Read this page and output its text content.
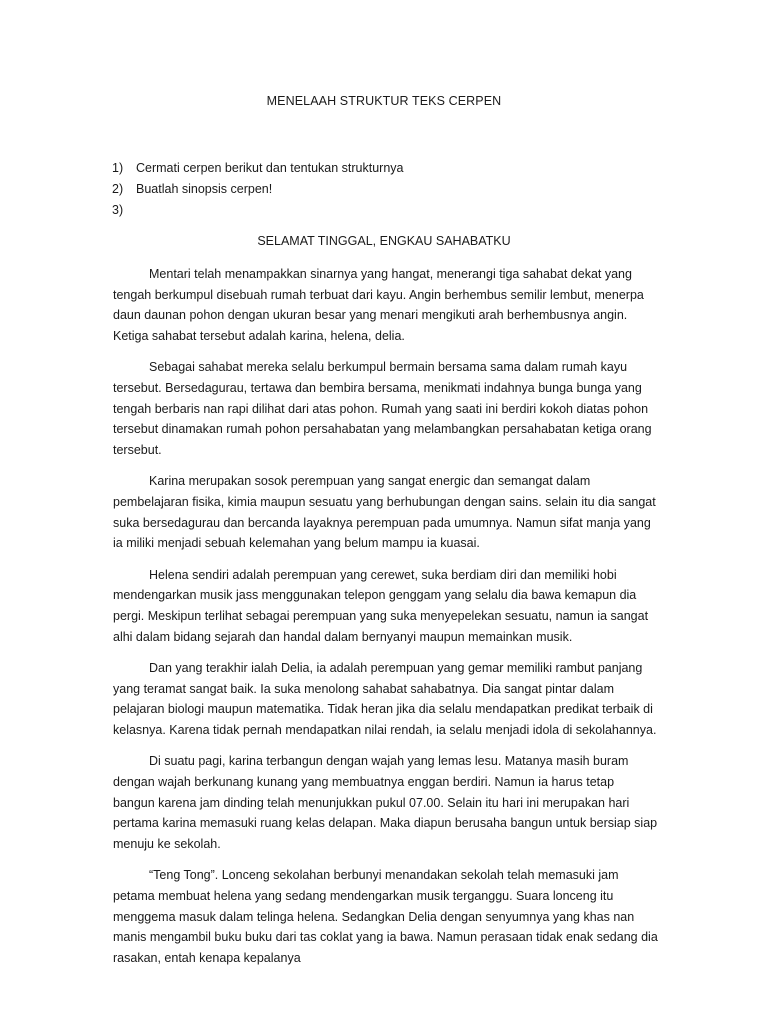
MENELAAH STRUKTUR TEKS CERPEN
1) Cermati cerpen berikut dan tentukan strukturnya
2) Buatlah sinopsis cerpen!
3)
SELAMAT TINGGAL, ENGKAU SAHABATKU

Mentari telah menampakkan sinarnya yang hangat, menerangi tiga sahabat dekat yang tengah berkumpul disebuah rumah terbuat dari kayu. Angin berhembus semilir lembut, menerpa daun daunan pohon dengan ukuran besar yang menari mengikuti arah berhembusnya angin. Ketiga sahabat tersebut adalah karina, helena, delia.

Sebagai sahabat mereka selalu berkumpul bermain bersama sama dalam rumah kayu tersebut. Bersedagurau, tertawa dan bembira bersama, menikmati indahnya bunga bunga yang tengah berbaris nan rapi dilihat dari atas pohon. Rumah yang saati ini berdiri kokoh diatas pohon tersebut dinamakan rumah pohon persahabatan yang melambangkan persahabatan ketiga orang tersebut.

Karina merupakan sosok perempuan yang sangat energic dan semangat dalam pembelajaran fisika, kimia maupun sesuatu yang berhubungan dengan sains. selain itu dia sangat suka bersedagurau dan bercanda layaknya perempuan pada umumnya. Namun sifat manja yang ia miliki menjadi sebuah kelemahan yang belum mampu ia kuasai.

Helena sendiri adalah perempuan yang cerewet, suka berdiam diri dan memiliki hobi mendengarkan musik jass menggunakan telepon genggam yang selalu dia bawa kemapun dia pergi. Meskipun terlihat sebagai perempuan yang suka menyepelekan sesuatu, namun ia sangat alhi dalam bidang sejarah dan handal dalam bernyanyi maupun memainkan musik.

Dan yang terakhir ialah Delia, ia adalah perempuan yang gemar memiliki rambut panjang yang teramat sangat baik. Ia suka menolong sahabat sahabatnya. Dia sangat pintar dalam pelajaran biologi maupun matematika. Tidak heran jika dia selalu mendapatkan predikat terbaik di kelasnya. Karena tidak pernah mendapatkan nilai rendah, ia selalu menjadi idola di sekolahannya.

Di suatu pagi, karina terbangun dengan wajah yang lemas lesu. Matanya masih buram dengan wajah berkunang kunang yang membuatnya enggan berdiri. Namun ia harus tetap bangun karena jam dinding telah menunjukkan pukul 07.00. Selain itu hari ini merupakan hari pertama karina memasuki ruang kelas delapan. Maka diapun berusaha bangun untuk bersiap siap menuju ke sekolah.

“Teng Tong”. Lonceng sekolahan berbunyi menandakan sekolah telah memasuki jam petama membuat helena yang sedang mendengarkan musik terganggu. Suara lonceng itu menggema masuk dalam telinga helena. Sedangkan Delia dengan senyumnya yang khas nan manis mengambil buku buku dari tas coklat yang ia bawa. Namun perasaan tidak enak sedang dia rasakan, entah kenapa kepalanya
